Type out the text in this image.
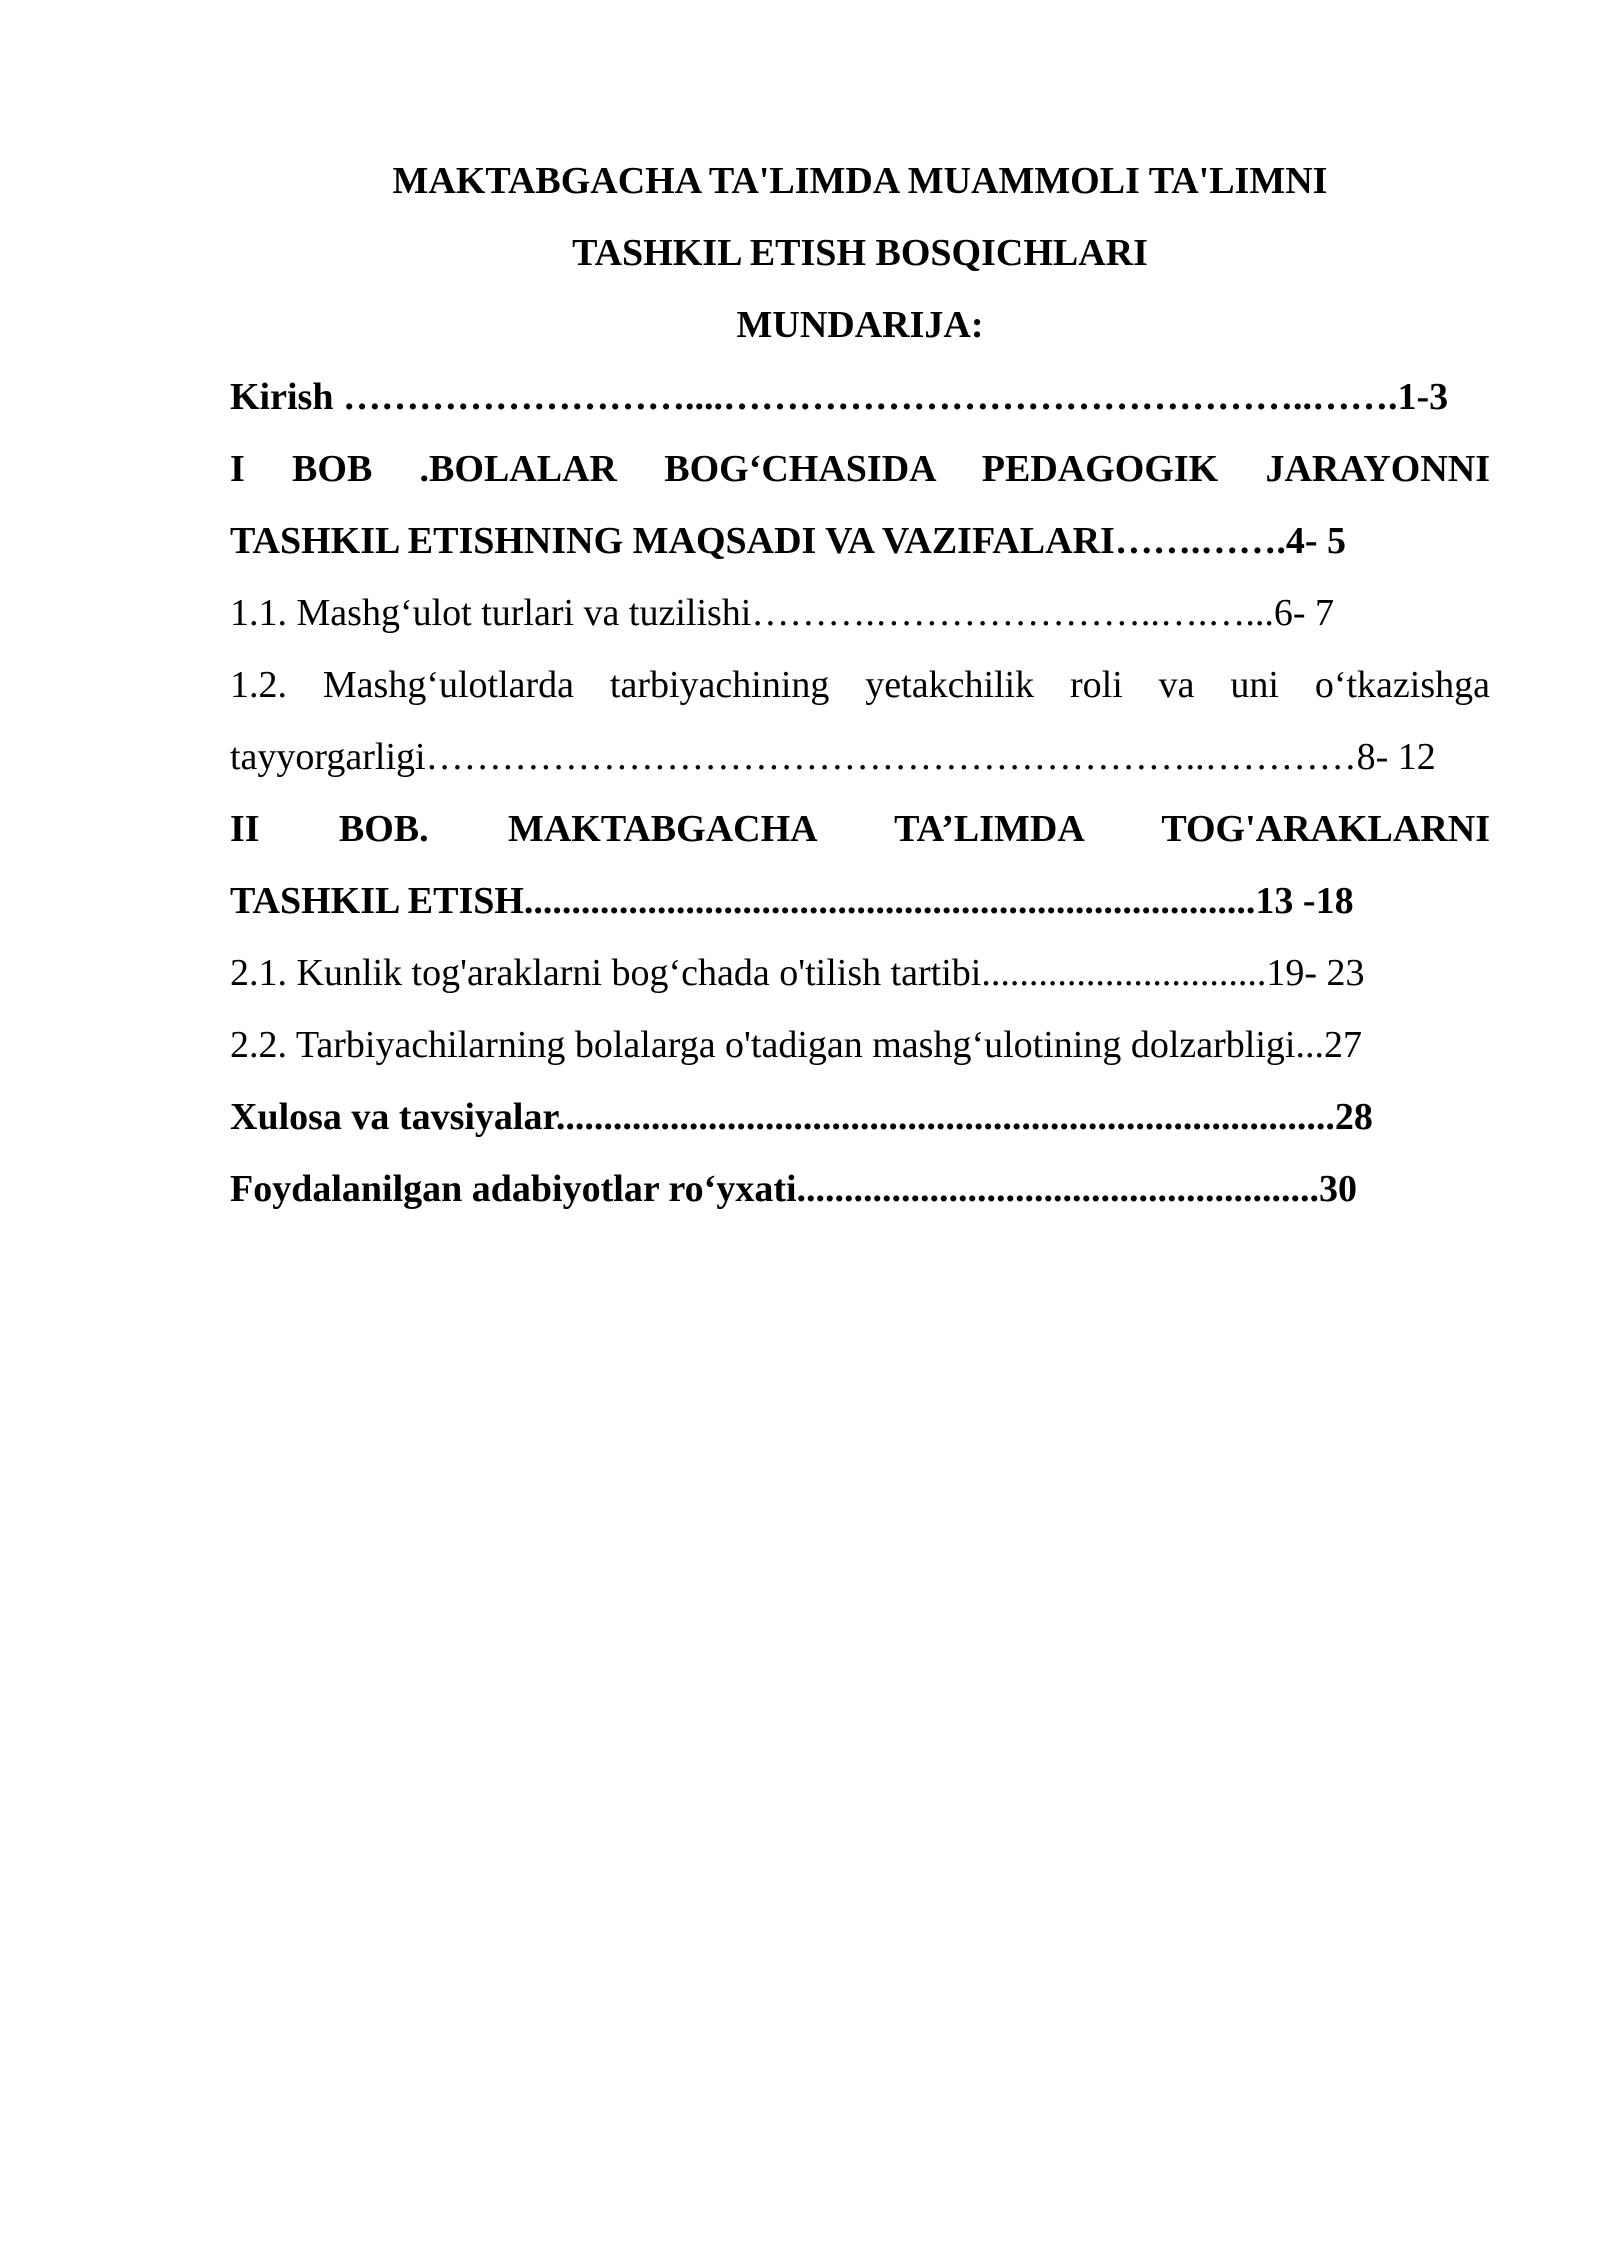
MAKTABGACHA TA'LIMDA MUAMMOLI TA'LIMNI
TASHKIL ETISH BOSQICHLARI
MUNDARIJA:
Kirish ………………………....………………………………………..…….1-3
I BOB .BOLALAR BOG‘CHASIDA PEDAGOGIK JARAYONNI
TASHKIL ETISHNING MAQSADI VA VAZIFALARI…….…….4- 5
1.1. Mashg‘ulot turlari va tuzilishi……….…………………..….…...6- 7
1.2. Mashg‘ulotlarda tarbiyachining yetakchilik roli va uni o‘tkazishga
tayyorgarligi……………………………………………………..…………8- 12
II BOB. MAKTABGACHA TA’LIMDA TOG'ARAKLARNI
TASHKIL ETISH.............................................................................13 -18
2.1. Kunlik tog'araklarni bog‘chada o'tilish tartibi..............................19- 23
2.2. Tarbiyachilarning bolalarga o'tadigan mashg‘ulotining dolzarbligi...27
Xulosa va tavsiyalar..................................................................................28
Foydalanilgan adabiyotlar ro‘yxati.......................................................30
